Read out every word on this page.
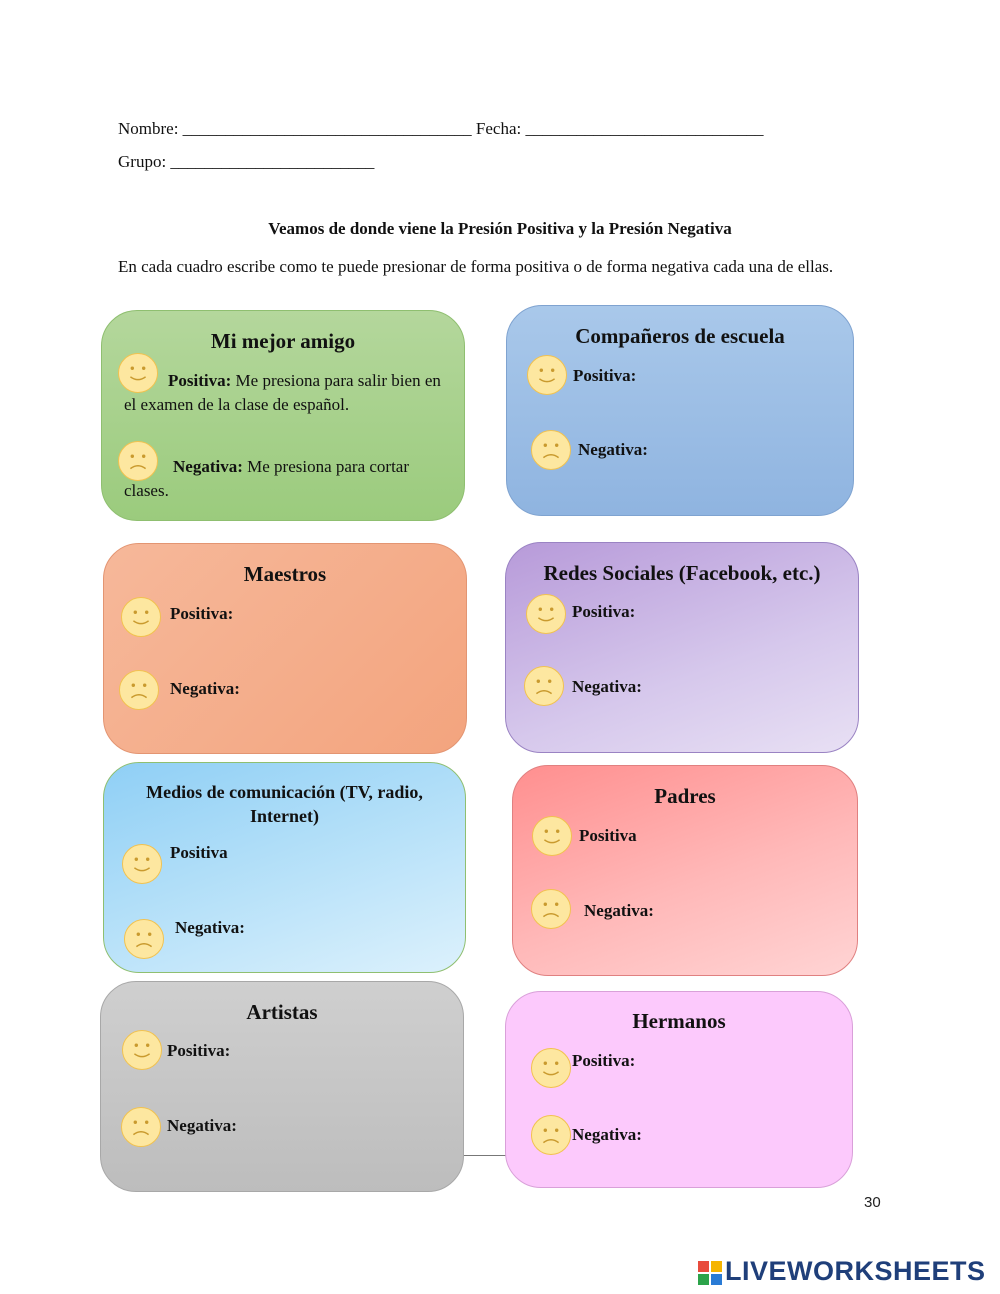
Nombre: __________________________________ Fecha: ____________________________
Grupo: ________________________
Veamos de donde viene la Presión Positiva y la Presión Negativa
En cada cuadro escribe como te puede presionar de forma positiva o de forma negativa cada una de ellas.
Mi mejor amigo
Positiva: Me presiona para salir bien en el examen de la clase de español.
Negativa: Me presiona para cortar clases.
Compañeros de escuela
Positiva:
Negativa:
Maestros
Positiva:
Negativa:
Redes Sociales (Facebook, etc.)
Positiva:
Negativa:
Medios de comunicación (TV, radio, Internet)
Positiva
Negativa:
Padres
Positiva
Negativa:
Artistas
Positiva:
Negativa:
Hermanos
Positiva:
Negativa:
30
LIVEWORKSHEETS
